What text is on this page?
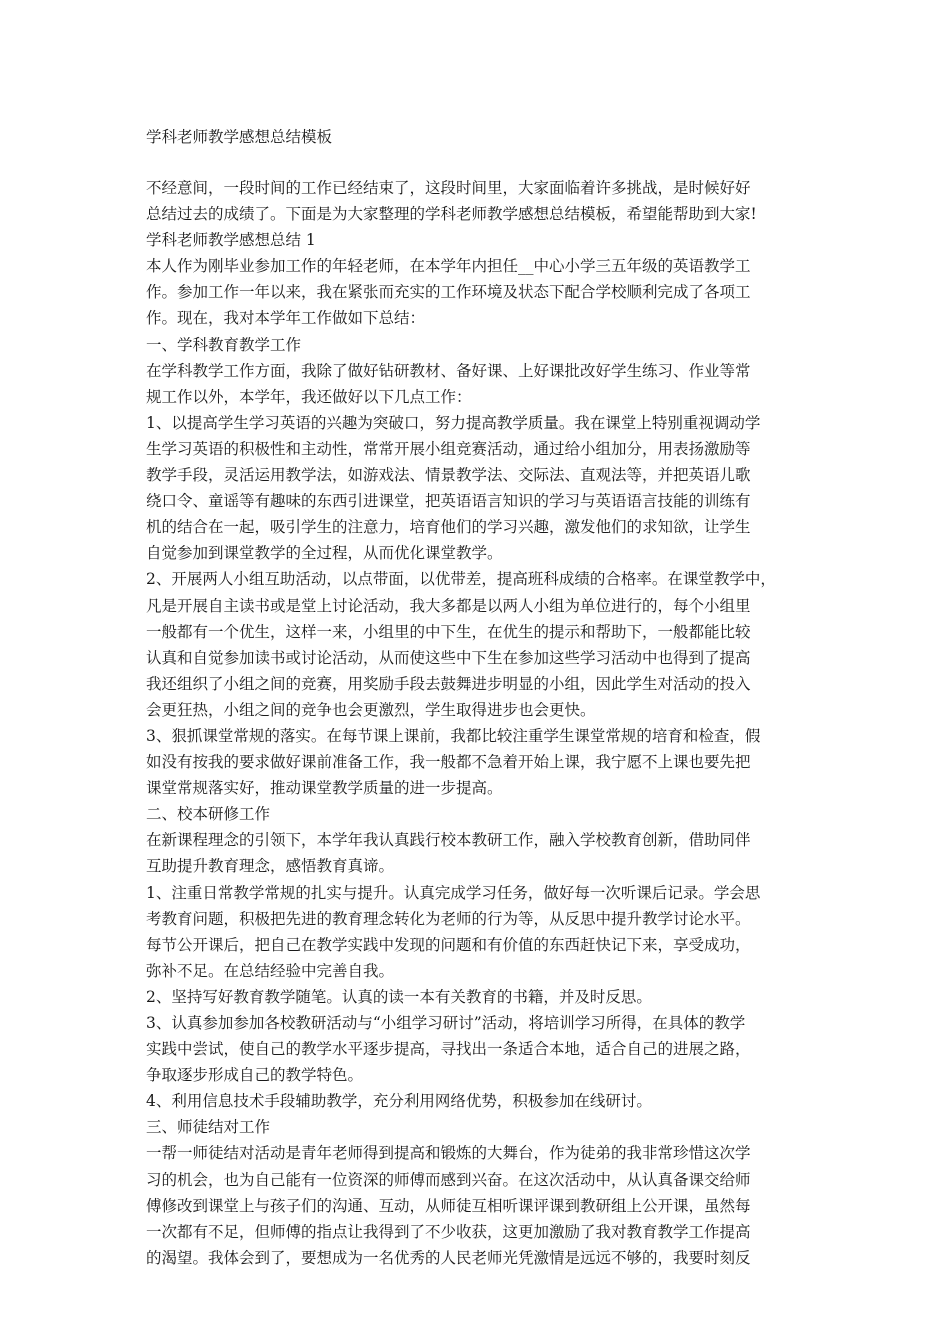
学科老师教学感想总结模板
不经意间，一段时间的工作已经结束了，这段时间里，大家面临着许多挑战，是时候好好
总结过去的成绩了。下面是为大家整理的学科老师教学感想总结模板，希望能帮助到大家!
学科老师教学感想总结 1
本人作为刚毕业参加工作的年轻老师，在本学年内担任__中心小学三五年级的英语教学工
作。参加工作一年以来，我在紧张而充实的工作环境及状态下配合学校顺利完成了各项工
作。现在，我对本学年工作做如下总结：
一、学科教育教学工作
在学科教学工作方面，我除了做好钻研教材、备好课、上好课批改好学生练习、作业等常
规工作以外，本学年，我还做好以下几点工作：
1、以提高学生学习英语的兴趣为突破口，努力提高教学质量。我在课堂上特别重视调动学
生学习英语的积极性和主动性，常常开展小组竞赛活动，通过给小组加分，用表扬激励等
教学手段，灵活运用教学法，如游戏法、情景教学法、交际法、直观法等，并把英语儿歌
绕口令、童谣等有趣味的东西引进课堂，把英语语言知识的学习与英语语言技能的训练有
机的结合在一起，吸引学生的注意力，培育他们的学习兴趣，激发他们的求知欲，让学生
自觉参加到课堂教学的全过程，从而优化课堂教学。
2、开展两人小组互助活动，以点带面，以优带差，提高班科成绩的合格率。在课堂教学中，
凡是开展自主读书或是堂上讨论活动，我大多都是以两人小组为单位进行的，每个小组里
一般都有一个优生，这样一来，小组里的中下生，在优生的提示和帮助下，一般都能比较
认真和自觉参加读书或讨论活动，从而使这些中下生在参加这些学习活动中也得到了提高
我还组织了小组之间的竞赛，用奖励手段去鼓舞进步明显的小组，因此学生对活动的投入
会更狂热，小组之间的竞争也会更激烈，学生取得进步也会更快。
3、狠抓课堂常规的落实。在每节课上课前，我都比较注重学生课堂常规的培育和检查，假
如没有按我的要求做好课前准备工作，我一般都不急着开始上课，我宁愿不上课也要先把
课堂常规落实好，推动课堂教学质量的进一步提高。
二、校本研修工作
在新课程理念的引领下，本学年我认真践行校本教研工作，融入学校教育创新，借助同伴
互助提升教育理念，感悟教育真谛。
1、注重日常教学常规的扎实与提升。认真完成学习任务，做好每一次听课后记录。学会思
考教育问题，积极把先进的教育理念转化为老师的行为等，从反思中提升教学讨论水平。
每节公开课后，把自己在教学实践中发现的问题和有价值的东西赶快记下来，享受成功，
弥补不足。在总结经验中完善自我。
2、坚持写好教育教学随笔。认真的读一本有关教育的书籍，并及时反思。
3、认真参加参加各校教研活动与“小组学习研讨”活动，将培训学习所得，在具体的教学
实践中尝试，使自己的教学水平逐步提高，寻找出一条适合本地，适合自己的进展之路，
争取逐步形成自己的教学特色。
4、利用信息技术手段辅助教学，充分利用网络优势，积极参加在线研讨。
三、师徒结对工作
一帮一师徒结对活动是青年老师得到提高和锻炼的大舞台，作为徒弟的我非常珍惜这次学
习的机会，也为自己能有一位资深的师傅而感到兴奋。在这次活动中，从认真备课交给师
傅修改到课堂上与孩子们的沟通、互动，从师徒互相听课评课到教研组上公开课，虽然每
一次都有不足，但师傅的指点让我得到了不少收获，这更加激励了我对教育教学工作提高
的渴望。我体会到了，要想成为一名优秀的人民老师光凭激情是远远不够的，我要时刻反
